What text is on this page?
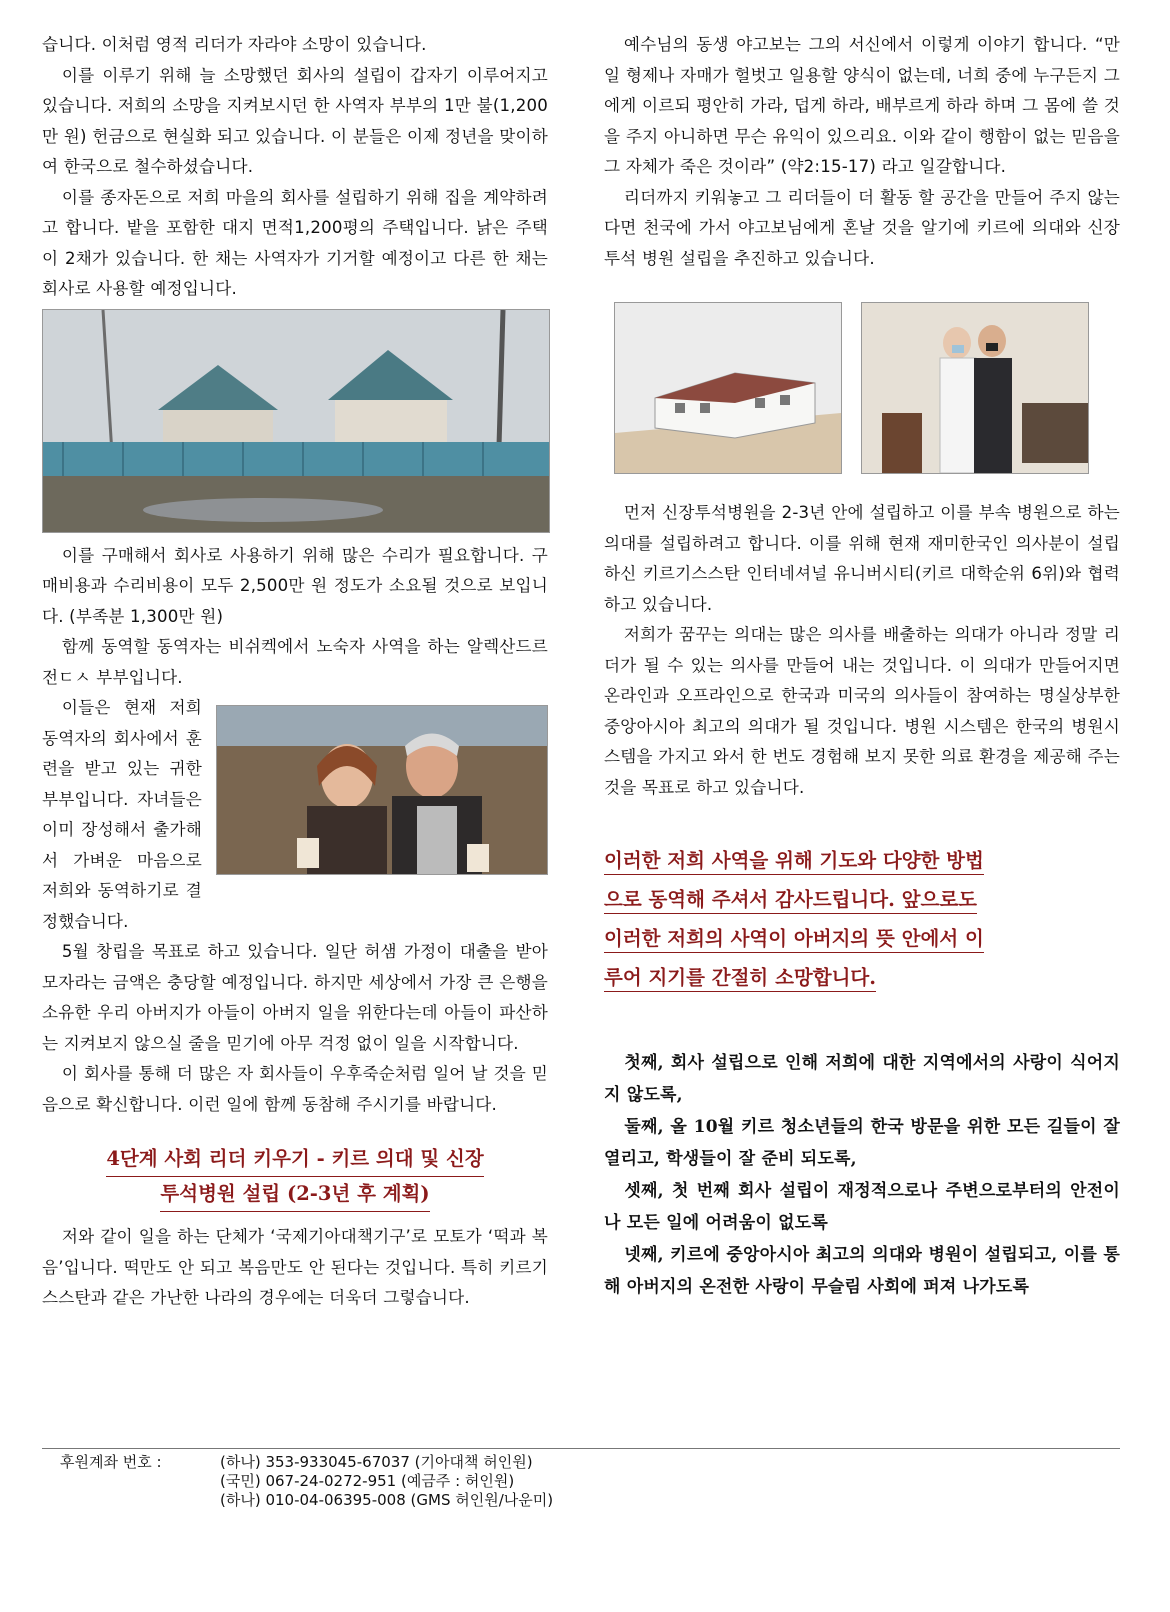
습니다. 이처럼 영적 리더가 자라야 소망이 있습니다.

이를 이루기 위해 늘 소망했던 회사의 설립이 갑자기 이루어지고 있습니다. 저희의 소망을 지켜보시던 한 사역자 부부의 1만 불(1,200만 원) 헌금으로 현실화 되고 있습니다. 이 분들은 이제 정년을 맞이하여 한국으로 철수하셨습니다.

이를 종자돈으로 저희 마을의 회사를 설립하기 위해 집을 계약하려고 합니다. 밭을 포함한 대지 면적1,200평의 주택입니다. 낡은 주택이 2채가 있습니다. 한 채는 사역자가 기거할 예정이고 다른 한 채는 회사로 사용할 예정입니다.

이를 구매해서 회사로 사용하기 위해 많은 수리가 필요합니다. 구매비용과 수리비용이 모두 2,500만 원 정도가 소요될 것으로 보입니다. (부족분 1,300만 원)

함께 동역할 동역자는 비쉬켁에서 노숙자 사역을 하는 알렉산드르 전ㄷㅅ 부부입니다.

이들은 현재 저희 동역자의 회사에서 훈련을 받고 있는 귀한 부부입니다. 자녀들은 이미 장성해서 출가해서 가벼운 마음으로 저희와 동역하기로 결정했습니다.

5월 창립을 목표로 하고 있습니다. 일단 허샘 가정이 대출을 받아 모자라는 금액은 충당할 예정입니다. 하지만 세상에서 가장 큰 은행을 소유한 우리 아버지가 아들이 아버지 일을 위한다는데 아들이 파산하는 지켜보지 않으실 줄을 믿기에 아무 걱정 없이 일을 시작합니다.

이 회사를 통해 더 많은 자 회사들이 우후죽순처럼 일어 날 것을 믿음으로 확신합니다. 이런 일에 함께 동참해 주시기를 바랍니다.

4단계 사회 리더 키우기 - 키르 의대 및 신장
투석병원 설립 (2-3년 후 계획)

저와 같이 일을 하는 단체가 ‘국제기아대책기구’로 모토가 ‘떡과 복음’입니다. 떡만도 안 되고 복음만도 안 된다는 것입니다. 특히 키르기스스탄과 같은 가난한 나라의 경우에는 더욱더 그렇습니다.

예수님의 동생 야고보는 그의 서신에서 이렇게 이야기 합니다. “만일 형제나 자매가 헐벗고 일용할 양식이 없는데, 너희 중에 누구든지 그에게 이르되 평안히 가라, 덥게 하라, 배부르게 하라 하며 그 몸에 쓸 것을 주지 아니하면 무슨 유익이 있으리요. 이와 같이 행함이 없는 믿음을 그 자체가 죽은 것이라” (약2:15-17) 라고 일갈합니다.

리더까지 키워놓고 그 리더들이 더 활동 할 공간을 만들어 주지 않는다면 천국에 가서 야고보님에게 혼날 것을 알기에 키르에 의대와 신장투석 병원 설립을 추진하고 있습니다.

먼저 신장투석병원을 2-3년 안에 설립하고 이를 부속 병원으로 하는 의대를 설립하려고 합니다. 이를 위해 현재 재미한국인 의사분이 설립하신 키르기스스탄 인터네셔널 유니버시티(키르 대학순위 6위)와 협력하고 있습니다.

저희가 꿈꾸는 의대는 많은 의사를 배출하는 의대가 아니라 정말 리더가 될 수 있는 의사를 만들어 내는 것입니다. 이 의대가 만들어지면 온라인과 오프라인으로 한국과 미국의 의사들이 참여하는 명실상부한 중앙아시아 최고의 의대가 될 것입니다. 병원 시스템은 한국의 병원시스템을 가지고 와서 한 번도 경험해 보지 못한 의료 환경을 제공해 주는 것을 목표로 하고 있습니다.

이러한 저희 사역을 위해 기도와 다양한 방법
으로 동역해 주셔서 감사드립니다. 앞으로도
이러한 저희의 사역이 아버지의 뜻 안에서 이
루어 지기를 간절히 소망합니다.

첫째, 회사 설립으로 인해 저희에 대한 지역에서의 사랑이 식어지지 않도록,

둘째, 올 10월 키르 청소년들의 한국 방문을 위한 모든 길들이 잘 열리고, 학생들이 잘 준비 되도록,

셋째, 첫 번째 회사 설립이 재정적으로나 주변으로부터의 안전이나 모든 일에 어려움이 없도록

넷째, 키르에 중앙아시아 최고의 의대와 병원이 설립되고, 이를 통해 아버지의 온전한 사랑이 무슬림 사회에 퍼져 나가도록

후원계좌 번호 :	(하나) 353-933045-67037 (기아대책 허인원)
(국민) 067-24-0272-951 (예금주 : 허인원)
(하나) 010-04-06395-008 (GMS 허인원/나운미)
